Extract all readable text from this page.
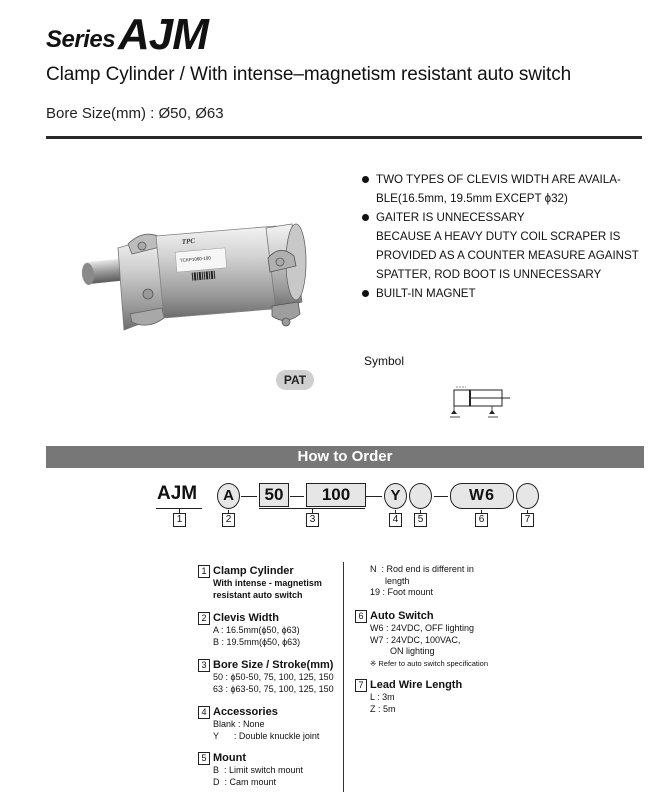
Series AJM
Clamp Cylinder / With intense–magnetism resistant auto switch
Bore Size(mm) : Ø50, Ø63
TPC
TCKP1060-100
PAT
TWO TYPES OF CLEVIS WIDTH ARE AVAILA-
BLE(16.5mm, 19.5mm EXCEPT ϕ32)
GAITER IS UNNECESSARY
BECAUSE A HEAVY DUTY COIL SCRAPER IS
PROVIDED AS A COUNTER MEASURE AGAINST
SPATTER, ROD BOOT IS UNNECESSARY
BUILT-IN MAGNET
Symbol
How to Order
AJM	A	50	100	Y	W6
1	2	3	4	5	6	7
1 Clamp Cylinder
With intense - magnetism
resistant auto switch
2 Clevis Width
A : 16.5mm(ϕ50, ϕ63)
B : 19.5mm(ϕ50, ϕ63)
3 Bore Size / Stroke(mm)
50 : ϕ50-50, 75, 100, 125, 150
63 : ϕ63-50, 75, 100, 125, 150
4 Accessories
Blank : None
Y      : Double knuckle joint
5 Mount
B  : Limit switch mount
D  : Cam mount
N  : Rod end is different in
length
19 : Foot mount
6 Auto Switch
W6 : 24VDC, OFF lighting
W7 : 24VDC, 100VAC,
ON lighting
※ Refer to auto switch specification
7 Lead Wire Length
L : 3m
Z : 5m
